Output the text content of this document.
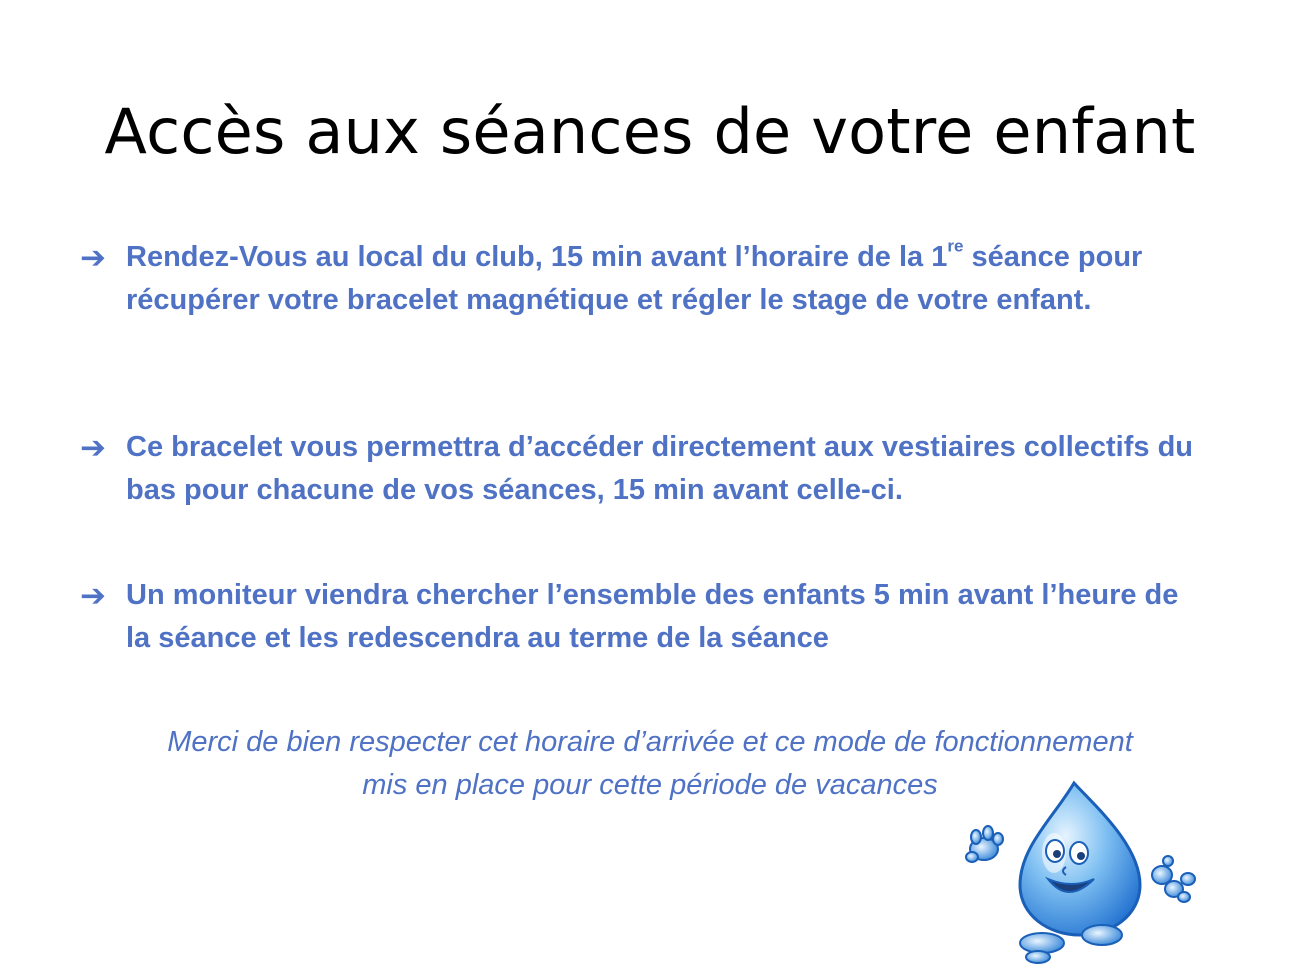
Accès aux séances de votre enfant
➔ Rendez-Vous au local du club, 15 min avant l’horaire de la 1re séance pour récupérer votre bracelet magnétique et régler le stage de votre enfant.
➔ Ce bracelet vous permettra d’accéder directement aux vestiaires collectifs du bas pour chacune de vos séances, 15 min avant celle-ci.
➔ Un moniteur viendra chercher l’ensemble des enfants 5 min avant l’heure de la séance et les redescendra au terme de la séance
Merci de bien respecter cet horaire d’arrivée et ce mode de fonctionnement
mis en place pour cette période de vacances
